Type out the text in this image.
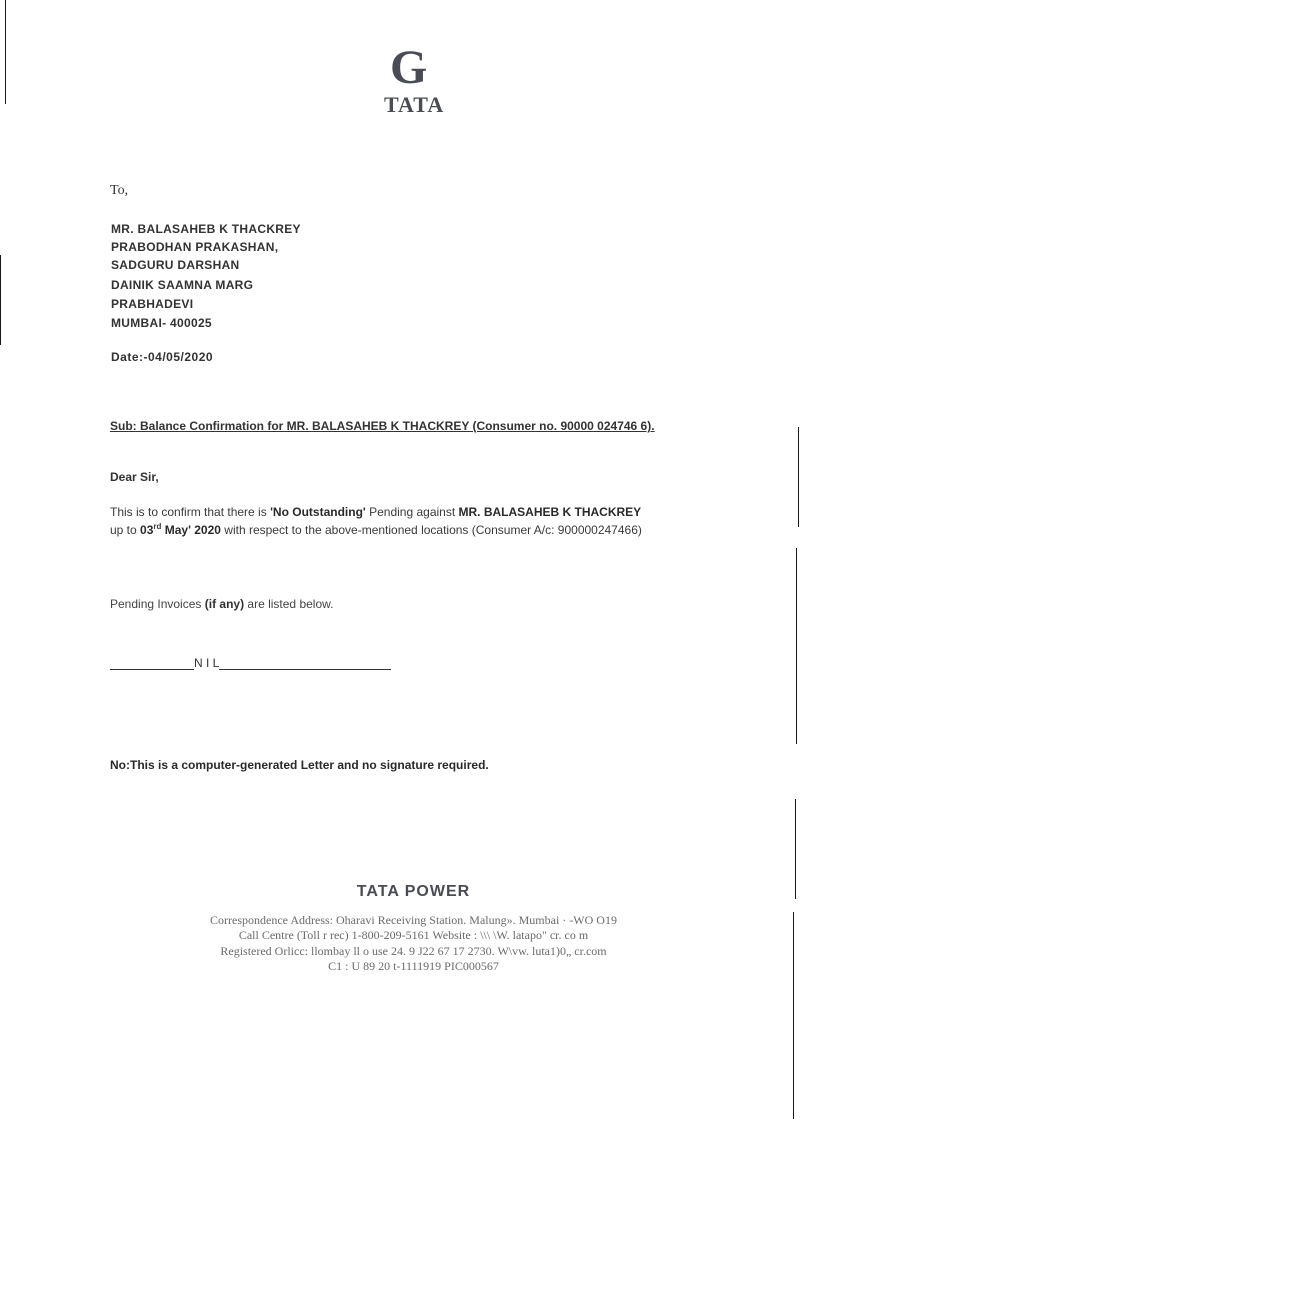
G
TATA
To,
MR. BALASAHEB K THACKREY
PRABODHAN PRAKASHAN,
SADGURU DARSHAN
DAINIK SAAMNA MARG
PRABHADEVI
MUMBAI- 400025
Date:-04/05/2020
Sub: Balance Confirmation for MR. BALASAHEB K THACKREY (Consumer no. 90000 024746 6).
Dear Sir,
This is to confirm that there is 'No Outstanding' Pending against MR. BALASAHEB K THACKREY
up to 03rd May' 2020 with respect to the above-mentioned locations (Consumer A/c: 900000247466)
Pending Invoices (if any) are listed below.
N I L
No:This is a computer-generated Letter and no signature required.
TATA POWER
Correspondence Address: Oharavi Receiving Station. Malung». Mumbai · -WO O19
Call Centre (Toll r rec) 1-800-209-5161 Website : \\\ \W. latapo" cr. co m
Registered Orlicc: llombay ll o use 24. 9 J22 67 17 2730. W\vw. luta1)0„ cr.com
C1 : U 89 20 t-1111919 PIC000567
